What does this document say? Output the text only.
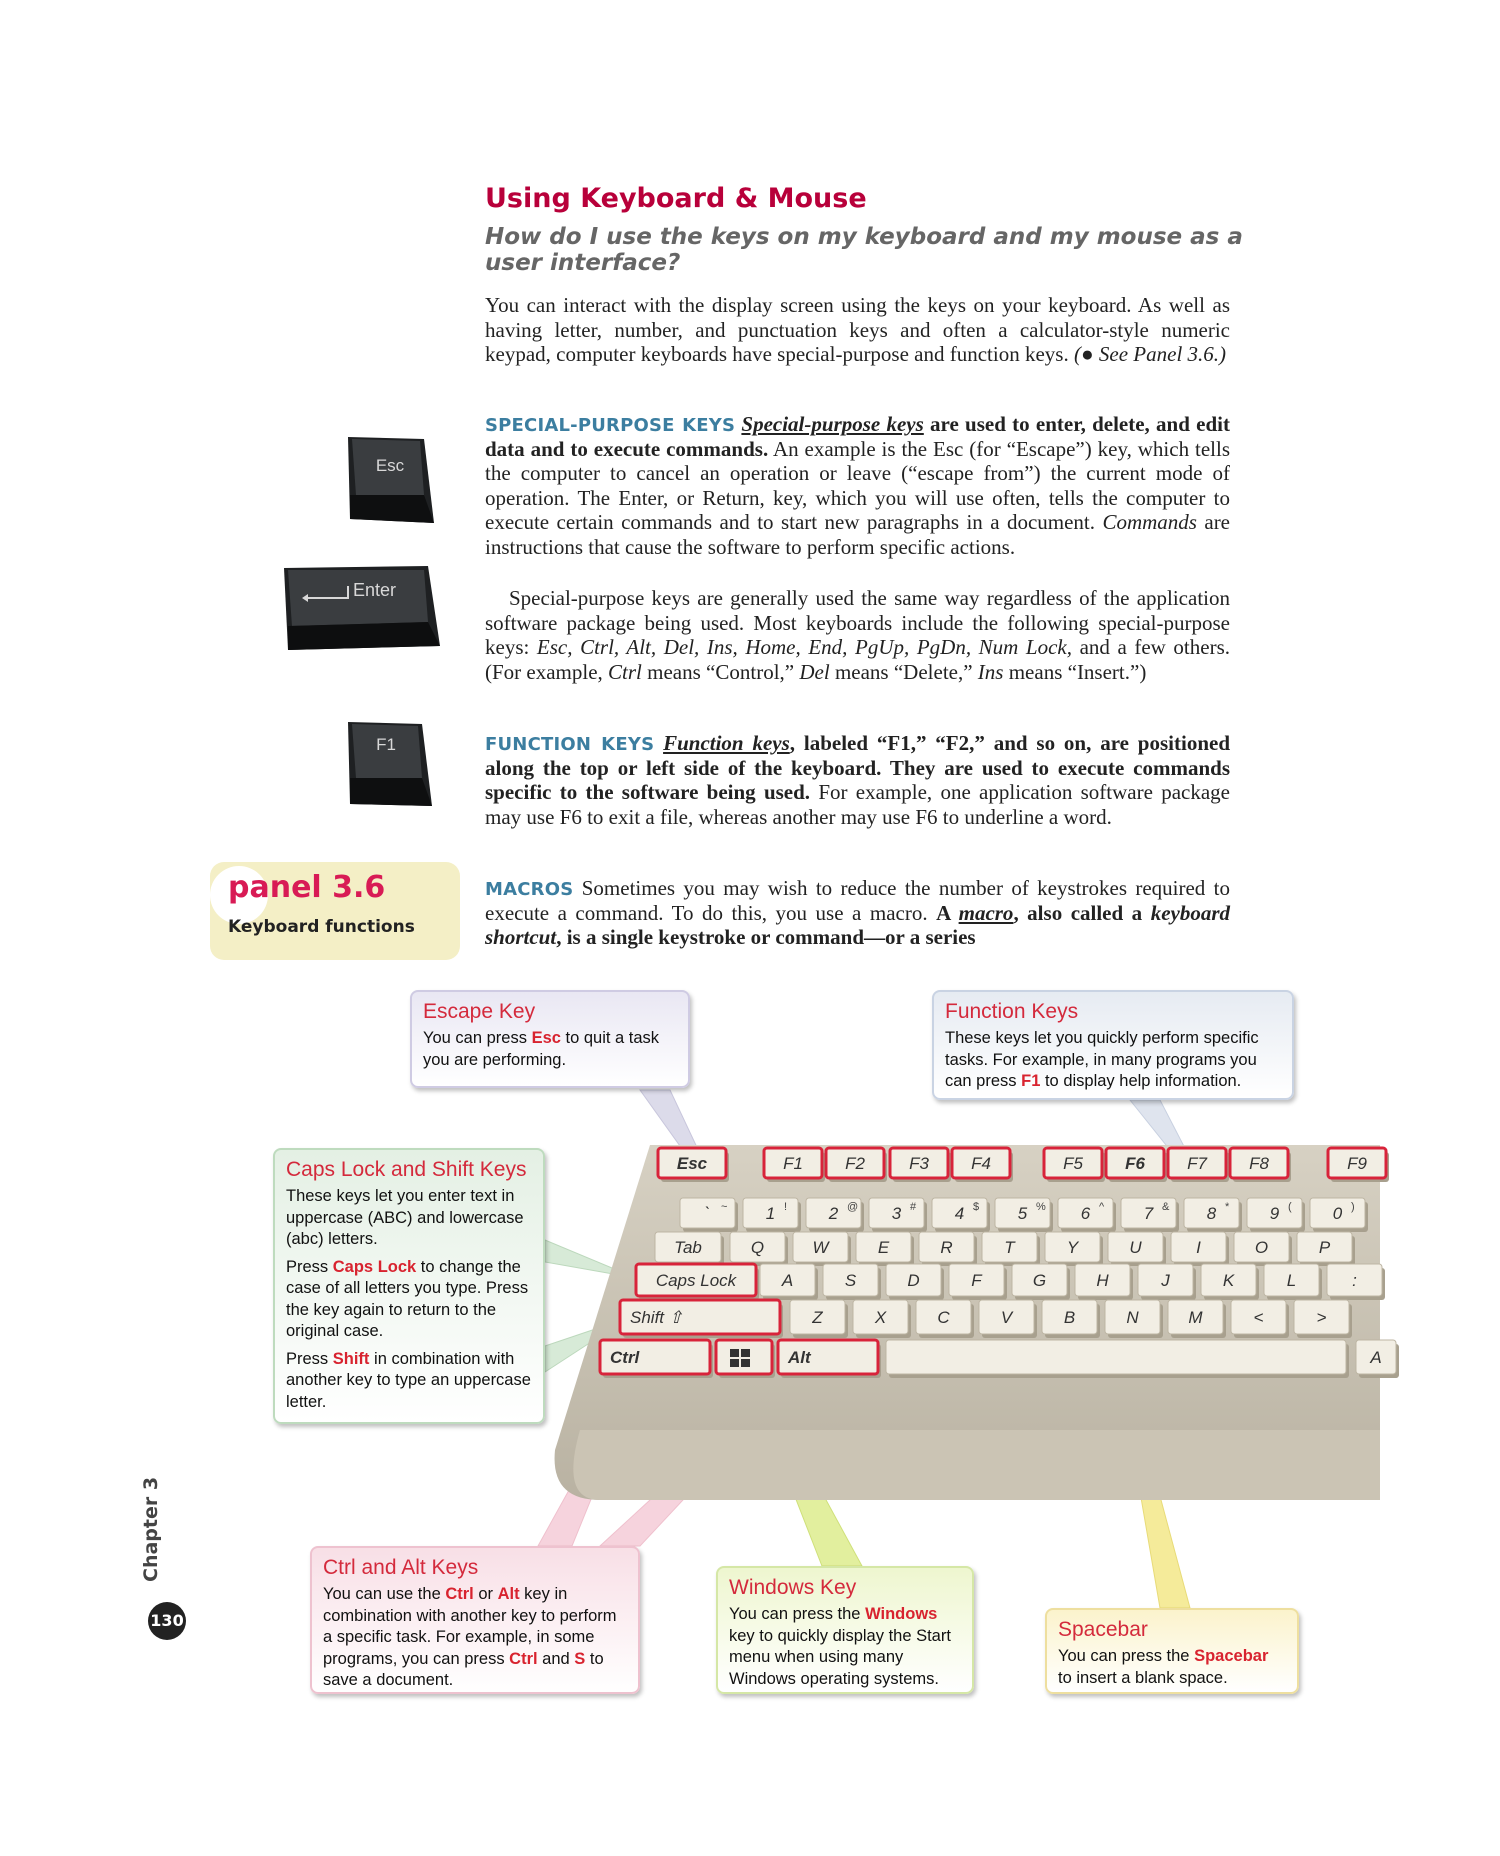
Using Keyboard & Mouse
How do I use the keys on my keyboard and my mouse as a user interface?
You can interact with the display screen using the keys on your keyboard. As well as having letter, number, and punctuation keys and often a calculator-style numeric keypad, computer keyboards have special-purpose and function keys. (● See Panel 3.6.)
SPECIAL-PURPOSE KEYS Special-purpose keys are used to enter, delete, and edit data and to execute commands. An example is the Esc (for “Escape”) key, which tells the computer to cancel an operation or leave (“escape from”) the current mode of operation. The Enter, or Return, key, which you will use often, tells the computer to execute certain commands and to start new paragraphs in a document. Commands are instructions that cause the software to perform specific actions.
Special-purpose keys are generally used the same way regardless of the application software package being used. Most keyboards include the following special-purpose keys: Esc, Ctrl, Alt, Del, Ins, Home, End, PgUp, PgDn, Num Lock, and a few others. (For example, Ctrl means “Control,” Del means “Delete,” Ins means “Insert.”)
FUNCTION KEYS Function keys, labeled “F1,” “F2,” and so on, are positioned along the top or left side of the keyboard. They are used to execute commands specific to the software being used. For example, one application software package may use F6 to exit a file, whereas another may use F6 to underline a word.
MACROS Sometimes you may wish to reduce the number of keystrokes required to execute a command. To do this, you use a macro. A macro, also called a keyboard shortcut, is a single keystroke or command—or a series
Esc
Enter
F1
panel 3.6
Keyboard functions
Esc	F1 F2	F3 F4	F5 F6 F7 F8	F9
~
`	!
1	@
2	#
3	$
4	%
5	^
6	&
7	*
8	(
9	)
0
Tab	Q	W	E	R	T	Y	U	I	O	P
Caps Lock	A	S	D	F	G	H	J	K	L	:
Shift ⇧	Z	X	C	V	B	N	M	<	>
Ctrl	Alt	A
Escape Key
You can press Esc to quit a task you are performing.
Function Keys
These keys let you quickly perform specific tasks. For example, in many programs you can press F1 to display help information.
Caps Lock and Shift Keys
These keys let you enter text in uppercase (ABC) and lowercase (abc) letters.
Press Caps Lock to change the case of all letters you type. Press the key again to return to the original case.
Press Shift in combination with another key to type an uppercase letter.
Ctrl and Alt Keys
You can use the Ctrl or Alt key in combination with another key to perform a specific task. For example, in some programs, you can press Ctrl and S to save a document.
Windows Key
You can press the Windows key to quickly display the Start menu when using many Windows operating systems.
Spacebar
You can press the Spacebar to insert a blank space.
Chapter 3
130
